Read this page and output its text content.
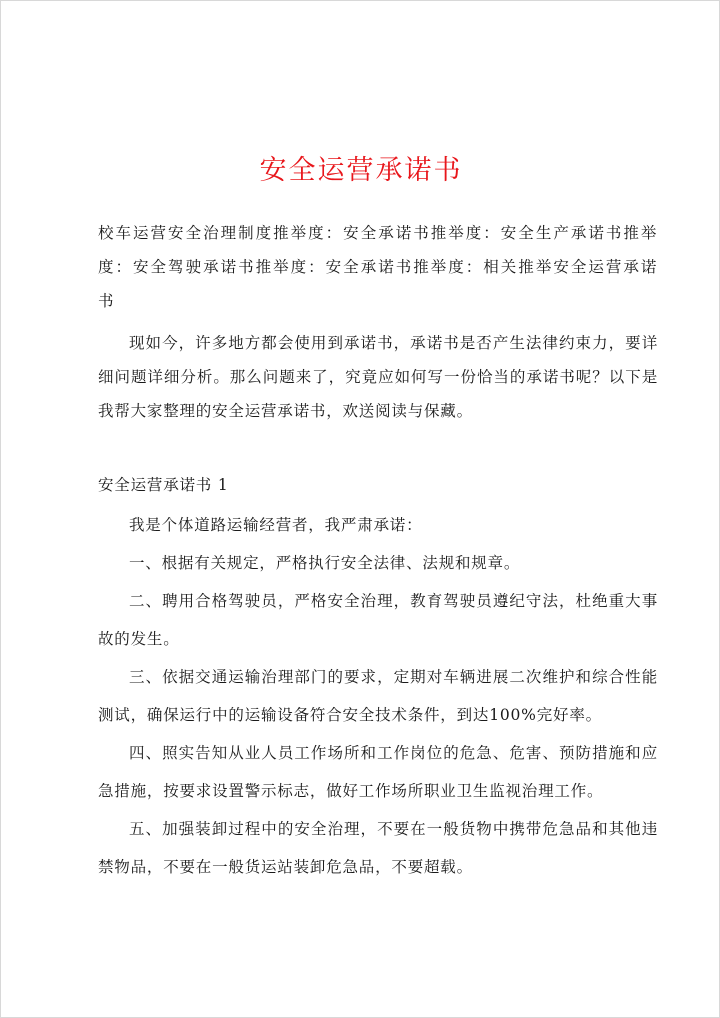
安全运营承诺书

校车运营安全治理制度推举度：安全承诺书推举度：安全生产承诺书推举度：安全驾驶承诺书推举度：安全承诺书推举度：相关推举安全运营承诺书

现如今，许多地方都会使用到承诺书，承诺书是否产生法律约束力，要详细问题详细分析。那么问题来了，究竟应如何写一份恰当的承诺书呢？以下是我帮大家整理的安全运营承诺书，欢送阅读与保藏。

安全运营承诺书 1

我是个体道路运输经营者，我严肃承诺：

一、根据有关规定，严格执行安全法律、法规和规章。

二、聘用合格驾驶员，严格安全治理，教育驾驶员遵纪守法，杜绝重大事故的发生。

三、依据交通运输治理部门的要求，定期对车辆进展二次维护和综合性能测试，确保运行中的运输设备符合安全技术条件，到达100%完好率。

四、照实告知从业人员工作场所和工作岗位的危急、危害、预防措施和应急措施，按要求设置警示标志，做好工作场所职业卫生监视治理工作。

五、加强装卸过程中的安全治理，不要在一般货物中携带危急品和其他违禁物品，不要在一般货运站装卸危急品，不要超载。
